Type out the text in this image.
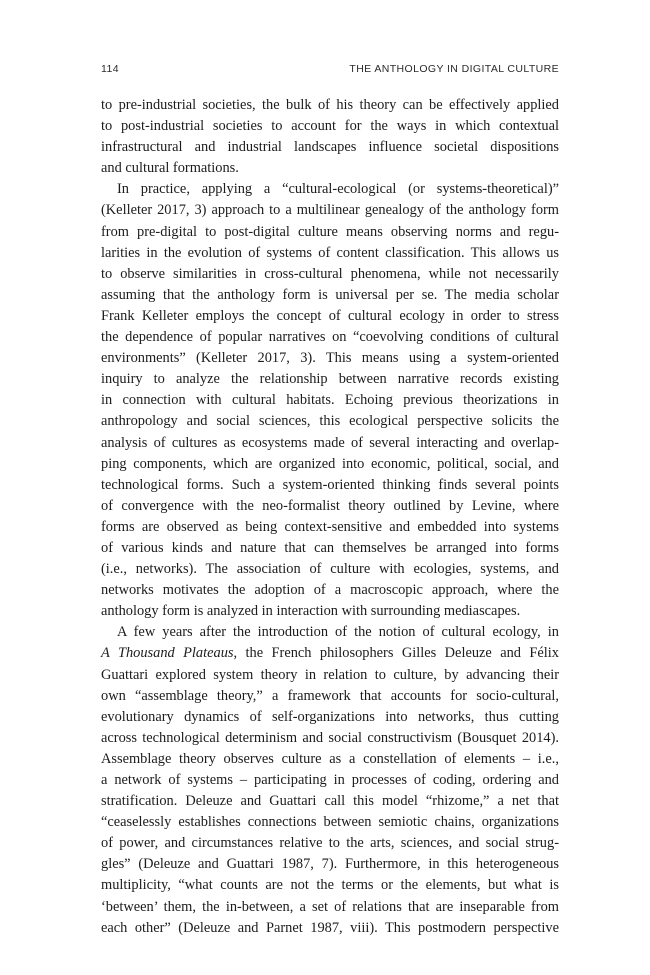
114	THE ANTHOLOGY IN DIGITAL CULTURE
to pre-industrial societies, the bulk of his theory can be effectively applied
to post-industrial societies to account for the ways in which contextual
infrastructural and industrial landscapes influence societal dispositions
and cultural formations.
In practice, applying a “cultural-ecological (or systems-theoretical)”
(Kelleter 2017, 3) approach to a multilinear genealogy of the anthology form
from pre-digital to post-digital culture means observing norms and regu-
larities in the evolution of systems of content classification. This allows us
to observe similarities in cross-cultural phenomena, while not necessarily
assuming that the anthology form is universal per se. The media scholar
Frank Kelleter employs the concept of cultural ecology in order to stress
the dependence of popular narratives on “coevolving conditions of cultural
environments” (Kelleter 2017, 3). This means using a system-oriented
inquiry to analyze the relationship between narrative records existing
in connection with cultural habitats. Echoing previous theorizations in
anthropology and social sciences, this ecological perspective solicits the
analysis of cultures as ecosystems made of several interacting and overlap-
ping components, which are organized into economic, political, social, and
technological forms. Such a system-oriented thinking finds several points
of convergence with the neo-formalist theory outlined by Levine, where
forms are observed as being context-sensitive and embedded into systems
of various kinds and nature that can themselves be arranged into forms
(i.e., networks). The association of culture with ecologies, systems, and
networks motivates the adoption of a macroscopic approach, where the
anthology form is analyzed in interaction with surrounding mediascapes.
A few years after the introduction of the notion of cultural ecology, in
A Thousand Plateaus, the French philosophers Gilles Deleuze and Félix
Guattari explored system theory in relation to culture, by advancing their
own “assemblage theory,” a framework that accounts for socio-cultural,
evolutionary dynamics of self-organizations into networks, thus cutting
across technological determinism and social constructivism (Bousquet 2014).
Assemblage theory observes culture as a constellation of elements – i.e.,
a network of systems – participating in processes of coding, ordering and
stratification. Deleuze and Guattari call this model “rhizome,” a net that
“ceaselessly establishes connections between semiotic chains, organizations
of power, and circumstances relative to the arts, sciences, and social strug-
gles” (Deleuze and Guattari 1987, 7). Furthermore, in this heterogeneous
multiplicity, “what counts are not the terms or the elements, but what is
‘between’ them, the in-between, a set of relations that are inseparable from
each other” (Deleuze and Parnet 1987, viii). This postmodern perspective
